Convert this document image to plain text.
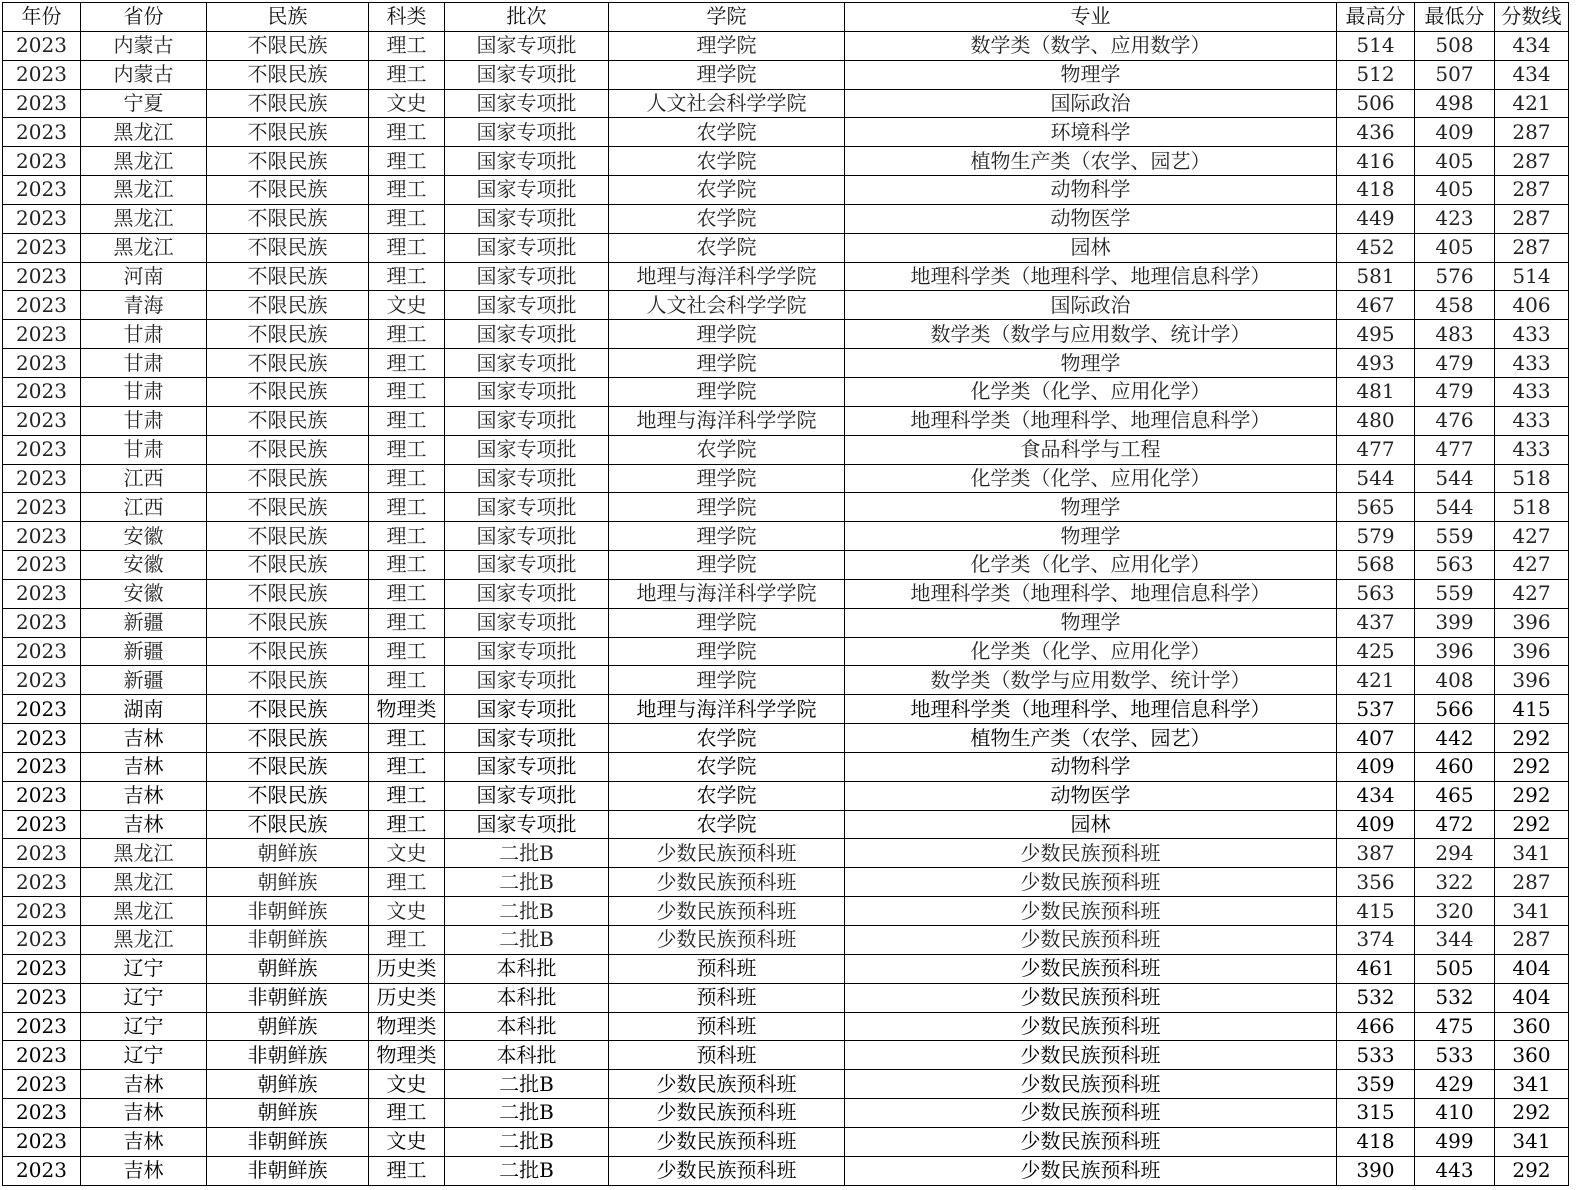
年份	省份	民族	科类	批次	学院	专业	最高分	最低分	分数线
2023	内蒙古	不限民族	理工	国家专项批	理学院	数学类（数学、应用数学）	514	508	434
2023	内蒙古	不限民族	理工	国家专项批	理学院	物理学	512	507	434
2023	宁夏	不限民族	文史	国家专项批	人文社会科学学院	国际政治	506	498	421
2023	黑龙江	不限民族	理工	国家专项批	农学院	环境科学	436	409	287
2023	黑龙江	不限民族	理工	国家专项批	农学院	植物生产类（农学、园艺）	416	405	287
2023	黑龙江	不限民族	理工	国家专项批	农学院	动物科学	418	405	287
2023	黑龙江	不限民族	理工	国家专项批	农学院	动物医学	449	423	287
2023	黑龙江	不限民族	理工	国家专项批	农学院	园林	452	405	287
2023	河南	不限民族	理工	国家专项批	地理与海洋科学学院	地理科学类（地理科学、地理信息科学）	581	576	514
2023	青海	不限民族	文史	国家专项批	人文社会科学学院	国际政治	467	458	406
2023	甘肃	不限民族	理工	国家专项批	理学院	数学类（数学与应用数学、统计学）	495	483	433
2023	甘肃	不限民族	理工	国家专项批	理学院	物理学	493	479	433
2023	甘肃	不限民族	理工	国家专项批	理学院	化学类（化学、应用化学）	481	479	433
2023	甘肃	不限民族	理工	国家专项批	地理与海洋科学学院	地理科学类（地理科学、地理信息科学）	480	476	433
2023	甘肃	不限民族	理工	国家专项批	农学院	食品科学与工程	477	477	433
2023	江西	不限民族	理工	国家专项批	理学院	化学类（化学、应用化学）	544	544	518
2023	江西	不限民族	理工	国家专项批	理学院	物理学	565	544	518
2023	安徽	不限民族	理工	国家专项批	理学院	物理学	579	559	427
2023	安徽	不限民族	理工	国家专项批	理学院	化学类（化学、应用化学）	568	563	427
2023	安徽	不限民族	理工	国家专项批	地理与海洋科学学院	地理科学类（地理科学、地理信息科学）	563	559	427
2023	新疆	不限民族	理工	国家专项批	理学院	物理学	437	399	396
2023	新疆	不限民族	理工	国家专项批	理学院	化学类（化学、应用化学）	425	396	396
2023	新疆	不限民族	理工	国家专项批	理学院	数学类（数学与应用数学、统计学）	421	408	396
2023	湖南	不限民族	物理类	国家专项批	地理与海洋科学学院	地理科学类（地理科学、地理信息科学）	537	566	415
2023	吉林	不限民族	理工	国家专项批	农学院	植物生产类（农学、园艺）	407	442	292
2023	吉林	不限民族	理工	国家专项批	农学院	动物科学	409	460	292
2023	吉林	不限民族	理工	国家专项批	农学院	动物医学	434	465	292
2023	吉林	不限民族	理工	国家专项批	农学院	园林	409	472	292
2023	黑龙江	朝鲜族	文史	二批B	少数民族预科班	少数民族预科班	387	294	341
2023	黑龙江	朝鲜族	理工	二批B	少数民族预科班	少数民族预科班	356	322	287
2023	黑龙江	非朝鲜族	文史	二批B	少数民族预科班	少数民族预科班	415	320	341
2023	黑龙江	非朝鲜族	理工	二批B	少数民族预科班	少数民族预科班	374	344	287
2023	辽宁	朝鲜族	历史类	本科批	预科班	少数民族预科班	461	505	404
2023	辽宁	非朝鲜族	历史类	本科批	预科班	少数民族预科班	532	532	404
2023	辽宁	朝鲜族	物理类	本科批	预科班	少数民族预科班	466	475	360
2023	辽宁	非朝鲜族	物理类	本科批	预科班	少数民族预科班	533	533	360
2023	吉林	朝鲜族	文史	二批B	少数民族预科班	少数民族预科班	359	429	341
2023	吉林	朝鲜族	理工	二批B	少数民族预科班	少数民族预科班	315	410	292
2023	吉林	非朝鲜族	文史	二批B	少数民族预科班	少数民族预科班	418	499	341
2023	吉林	非朝鲜族	理工	二批B	少数民族预科班	少数民族预科班	390	443	292
